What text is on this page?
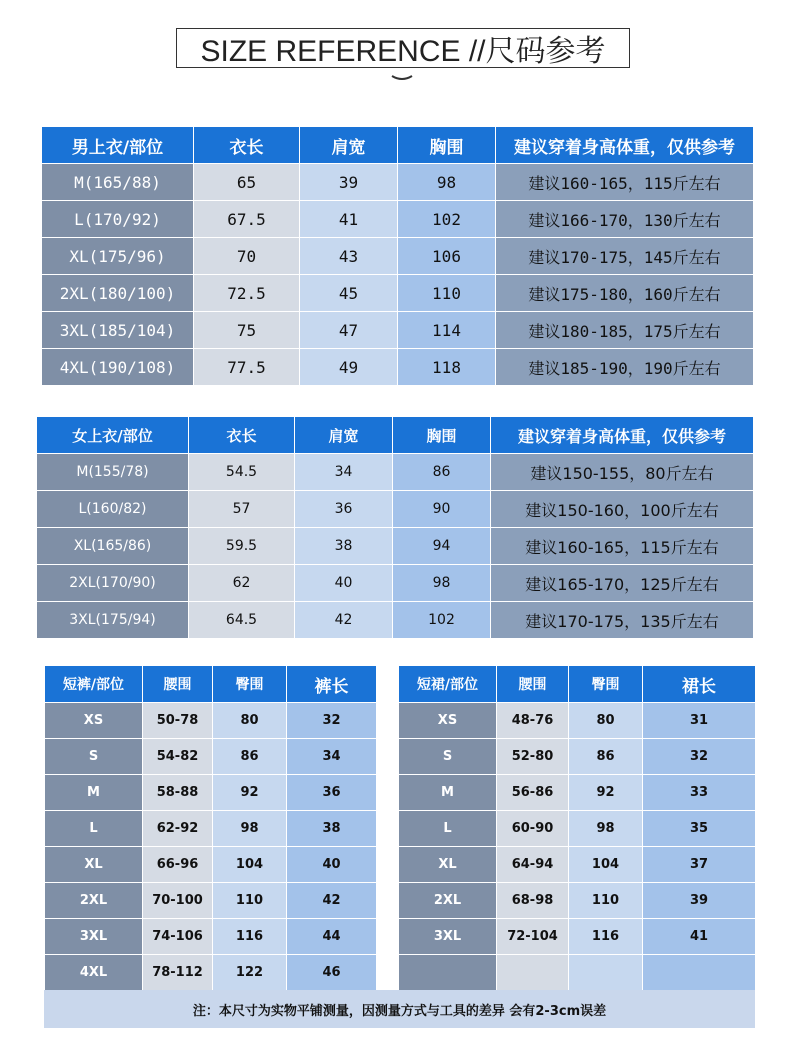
SIZE REFERENCE //尺码参考
男上衣/部位	衣长	肩宽	胸围	建议穿着身高体重，仅供参考
M(165/88)	65	39	98	建议160-165，115斤左右
L(170/92)	67.5	41	102	建议166-170，130斤左右
XL(175/96)	70	43	106	建议170-175，145斤左右
2XL(180/100)	72.5	45	110	建议175-180，160斤左右
3XL(185/104)	75	47	114	建议180-185，175斤左右
4XL(190/108)	77.5	49	118	建议185-190，190斤左右
女上衣/部位	衣长	肩宽	胸围	建议穿着身高体重，仅供参考
M(155/78)	54.5	34	86	建议150-155，80斤左右
L(160/82)	57	36	90	建议150-160，100斤左右
XL(165/86)	59.5	38	94	建议160-165，115斤左右
2XL(170/90)	62	40	98	建议165-170，125斤左右
3XL(175/94)	64.5	42	102	建议170-175，135斤左右
短裤/部位	腰围	臀围	裤长
XS	50-78	80	32
S	54-82	86	34
M	58-88	92	36
L	62-92	98	38
XL	66-96	104	40
2XL	70-100	110	42
3XL	74-106	116	44
4XL	78-112	122	46
短裙/部位	腰围	臀围	裙长
XS	48-76	80	31
S	52-80	86	32
M	56-86	92	33
L	60-90	98	35
XL	64-94	104	37
2XL	68-98	110	39
3XL	72-104	116	41

注：本尺寸为实物平铺测量，因测量方式与工具的差异 会有2-3cm误差
